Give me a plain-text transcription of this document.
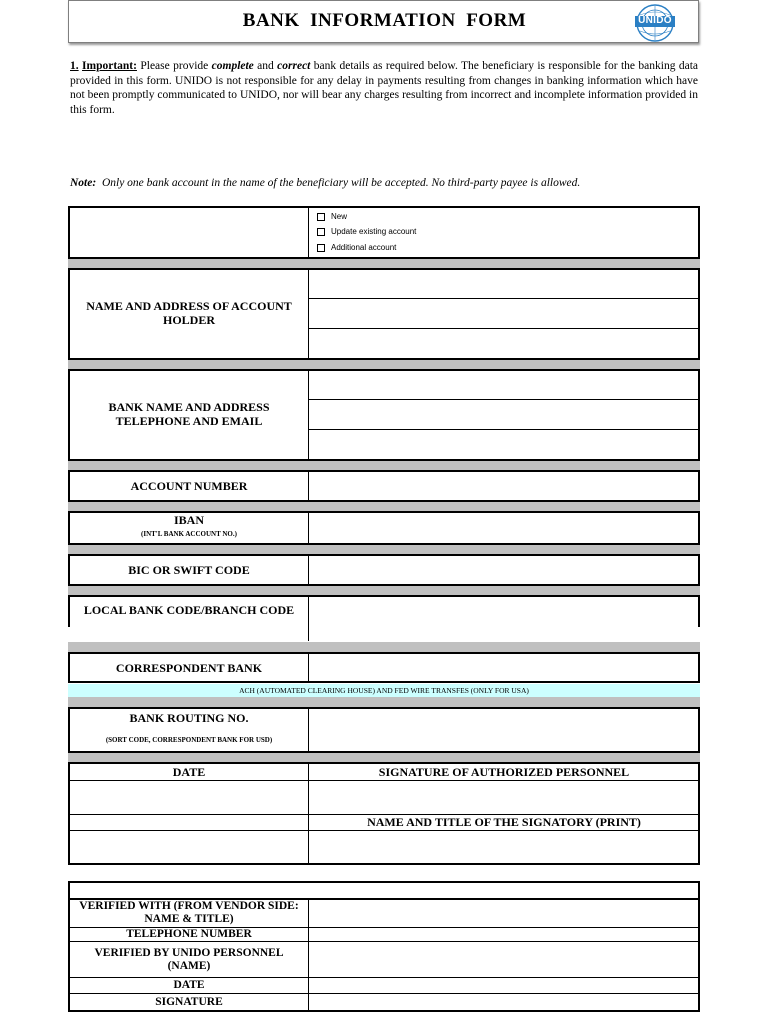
BANK  INFORMATION  FORM	UNIDO
1. Important: Please provide complete and correct bank details as required below. The beneficiary is responsible for the banking data provided in this form. UNIDO is not responsible for any delay in payments resulting from changes in banking information which have not been promptly communicated to UNIDO, nor will bear any charges resulting from incorrect and incomplete information provided in this form.
Note:  Only one bank account in the name of the beneficiary will be accepted. No third-party payee is allowed.
New
Update existing account
Additional account
NAME AND ADDRESS OF ACCOUNT HOLDER
BANK NAME AND ADDRESS TELEPHONE AND EMAIL
ACCOUNT NUMBER
IBAN
(INT'L BANK ACCOUNT NO.)
BIC OR SWIFT CODE
LOCAL BANK CODE/BRANCH CODE
CORRESPONDENT BANK
ACH (AUTOMATED CLEARING HOUSE) AND FED WIRE TRANSFES (ONLY FOR USA)
BANK ROUTING NO.
(SORT CODE, CORRESPONDENT BANK FOR USD)
DATE	SIGNATURE OF AUTHORIZED PERSONNEL
NAME AND TITLE OF THE SIGNATORY (PRINT)
VERIFIED WITH (FROM VENDOR SIDE: NAME & TITLE)
TELEPHONE NUMBER
VERIFIED BY UNIDO PERSONNEL (NAME)
DATE
SIGNATURE
